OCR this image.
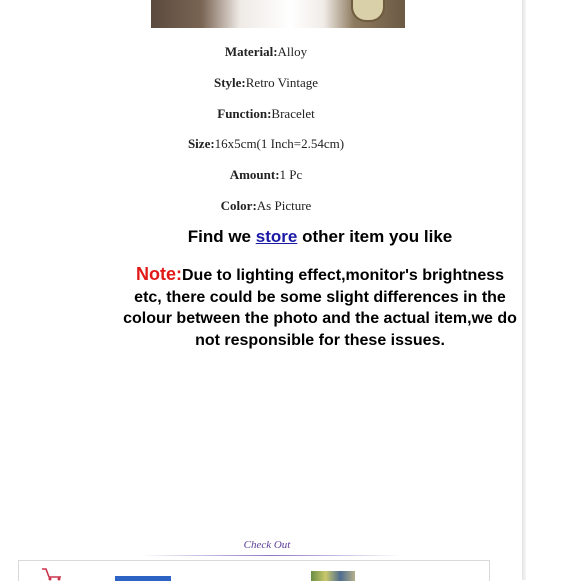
Material:Alloy
Style:Retro Vintage
Function:Bracelet
Size:16x5cm(1 Inch=2.54cm)
Amount:1 Pc
Color:As Picture
Find we store other item you like
Note:Due to lighting effect,monitor's brightness etc, there could be some slight differences in the colour between the photo and the actual item,we do not responsible for these issues.
Check Out
